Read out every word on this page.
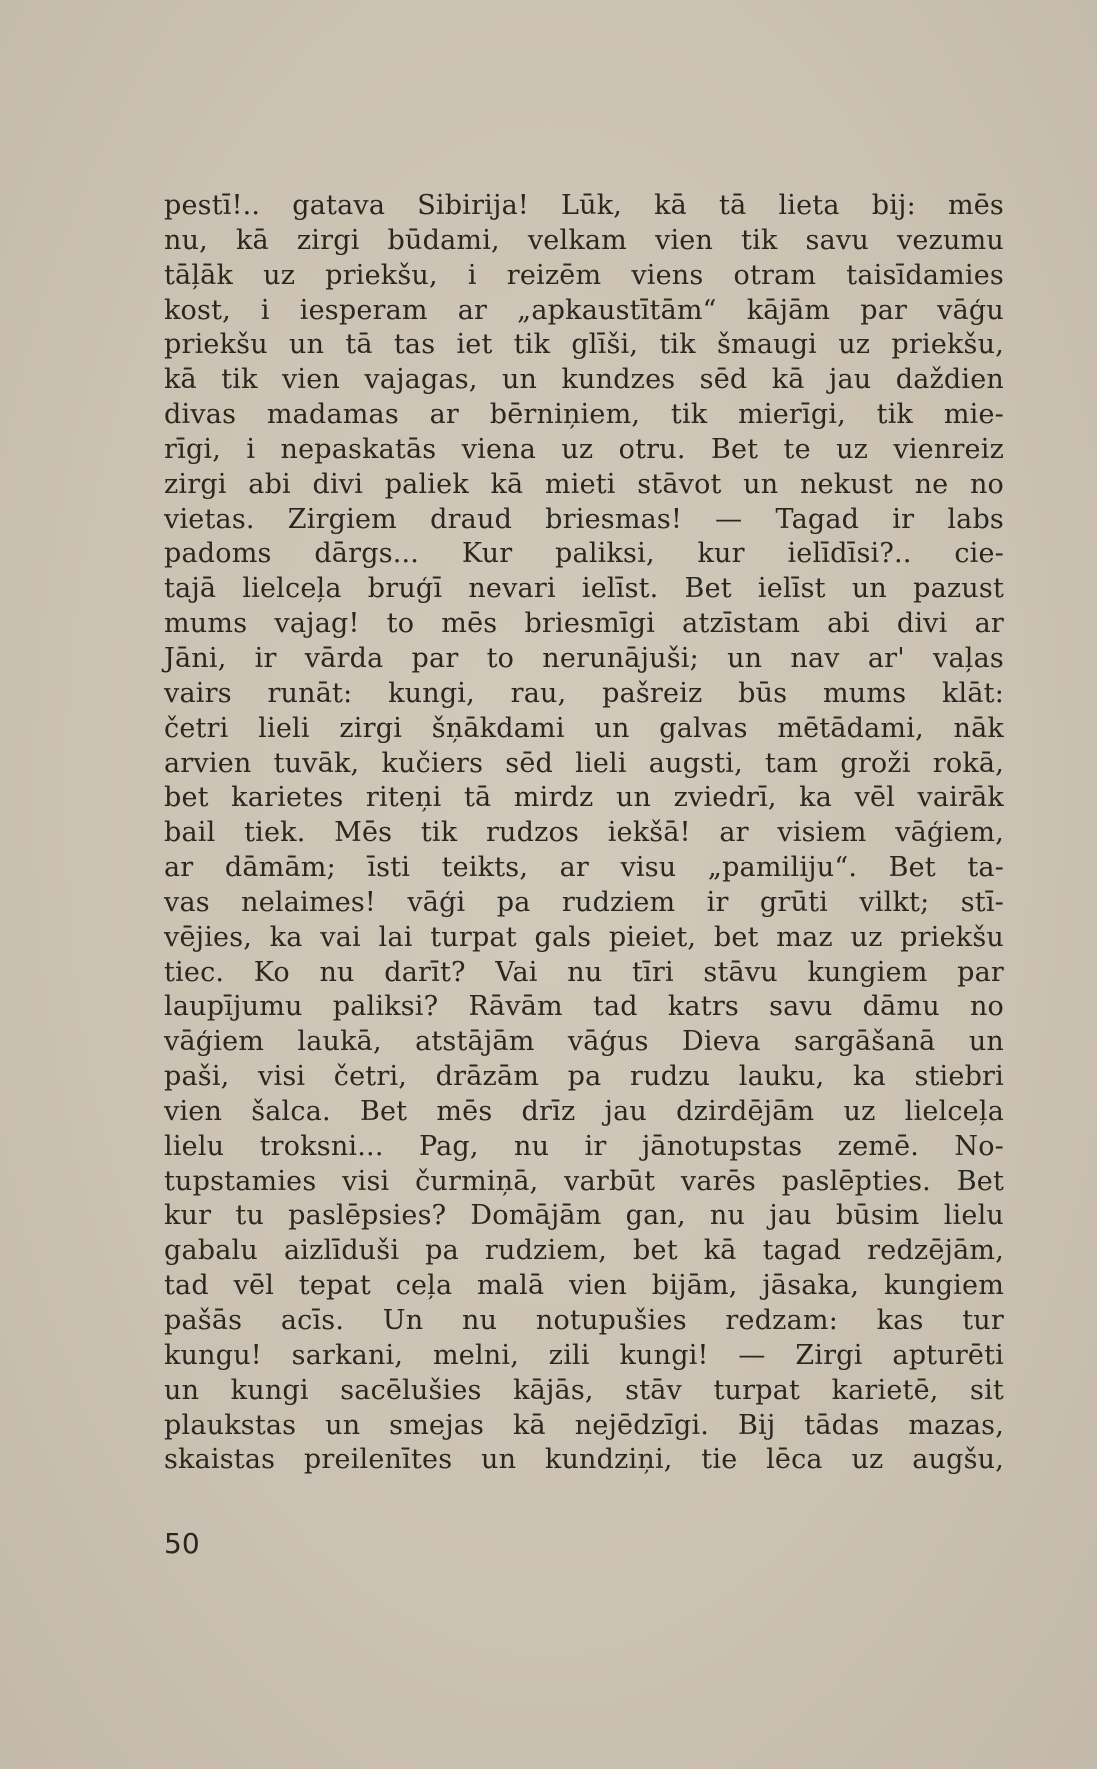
pestī!.. gatava Sibirija! Lūk, kā tā lieta bij: mēs
nu, kā zirgi būdami, velkam vien tik savu vezumu
tāļāk uz priekšu, i reizēm viens otram taisīdamies
kost, i iesperam ar „apkaustītām“ kājām par vāģu
priekšu un tā tas iet tik glīši, tik šmaugi uz priekšu,
kā tik vien vajagas, un kundzes sēd kā jau daždien
divas madamas ar bērniņiem, tik mierīgi, tik mie-
rīgi, i nepaskatās viena uz otru. Bet te uz vienreiz
zirgi abi divi paliek kā mieti stāvot un nekust ne no
vietas. Zirgiem draud briesmas! — Tagad ir labs
padoms dārgs... Kur paliksi, kur ielīdīsi?.. cie-
tajā lielceļa bruģī nevari ielīst. Bet ielīst un pazust
mums vajag! to mēs briesmīgi atzīstam abi divi ar
Jāni, ir vārda par to nerunājuši; un nav ar' vaļas
vairs runāt: kungi, rau, pašreiz būs mums klāt:
četri lieli zirgi šņākdami un galvas mētādami, nāk
arvien tuvāk, kučiers sēd lieli augsti, tam groži rokā,
bet karietes riteņi tā mirdz un zviedrī, ka vēl vairāk
bail tiek. Mēs tik rudzos iekšā! ar visiem vāģiem,
ar dāmām; īsti teikts, ar visu „pamiliju“. Bet ta-
vas nelaimes! vāģi pa rudziem ir grūti vilkt; stī-
vējies, ka vai lai turpat gals pieiet, bet maz uz priekšu
tiec. Ko nu darīt? Vai nu tīri stāvu kungiem par
laupījumu paliksi? Rāvām tad katrs savu dāmu no
vāģiem laukā, atstājām vāģus Dieva sargāšanā un
paši, visi četri, drāzām pa rudzu lauku, ka stiebri
vien šalca. Bet mēs drīz jau dzirdējām uz lielceļa
lielu troksni... Pag, nu ir jānotupstas zemē. No-
tupstamies visi čurmiņā, varbūt varēs paslēpties. Bet
kur tu paslēpsies? Domājām gan, nu jau būsim lielu
gabalu aizlīduši pa rudziem, bet kā tagad redzējām,
tad vēl tepat ceļa malā vien bijām, jāsaka, kungiem
pašās acīs. Un nu notupušies redzam: kas tur
kungu! sarkani, melni, zili kungi! — Zirgi apturēti
un kungi sacēlušies kājās, stāv turpat karietē, sit
plaukstas un smejas kā nejēdzīgi. Bij tādas mazas,
skaistas preilenītes un kundziņi, tie lēca uz augšu,
50
